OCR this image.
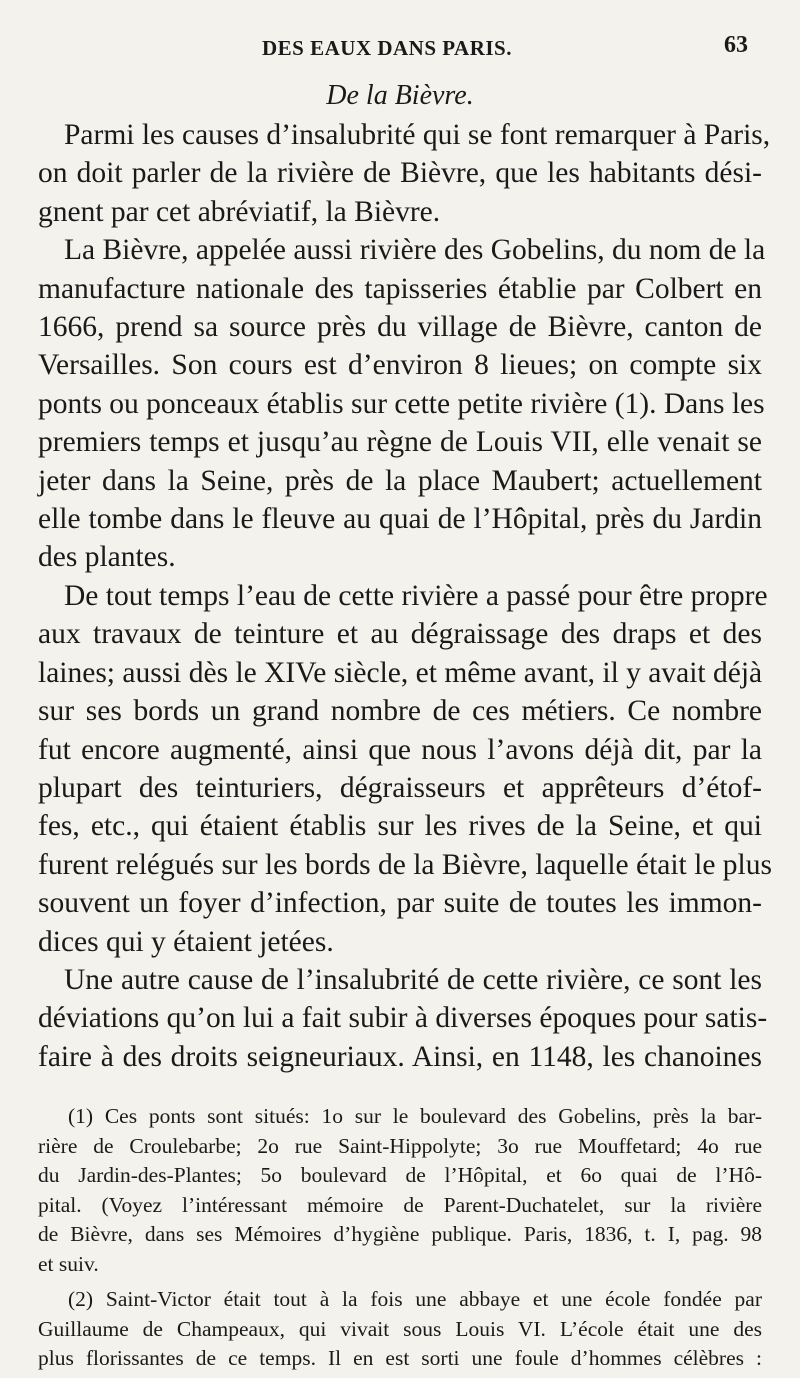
DES EAUX DANS PARIS.	63
De la Bièvre.

Parmi les causes d’insalubrité qui se font remarquer à Paris,
on doit parler de la rivière de Bièvre, que les habitants dési-
gnent par cet abréviatif, la Bièvre.

La Bièvre, appelée aussi rivière des Gobelins, du nom de la
manufacture nationale des tapisseries établie par Colbert en
1666, prend sa source près du village de Bièvre, canton de
Versailles. Son cours est d’environ 8 lieues; on compte six
ponts ou ponceaux établis sur cette petite rivière (1). Dans les
premiers temps et jusqu’au règne de Louis VII, elle venait se
jeter dans la Seine, près de la place Maubert; actuellement
elle tombe dans le fleuve au quai de l’Hôpital, près du Jardin
des plantes.

De tout temps l’eau de cette rivière a passé pour être propre
aux travaux de teinture et au dégraissage des draps et des
laines; aussi dès le XIVe siècle, et même avant, il y avait déjà
sur ses bords un grand nombre de ces métiers. Ce nombre
fut encore augmenté, ainsi que nous l’avons déjà dit, par la
plupart des teinturiers, dégraisseurs et apprêteurs d’étof-
fes, etc., qui étaient établis sur les rives de la Seine, et qui
furent relégués sur les bords de la Bièvre, laquelle était le plus
souvent un foyer d’infection, par suite de toutes les immon-
dices qui y étaient jetées.

Une autre cause de l’insalubrité de cette rivière, ce sont les
déviations qu’on lui a fait subir à diverses époques pour satis-
faire à des droits seigneuriaux. Ainsi, en 1148, les chanoines

(1) Ces ponts sont situés: 1o sur le boulevard des Gobelins, près la bar-
rière de Croulebarbe; 2o rue Saint-Hippolyte; 3o rue Mouffetard; 4o rue
du Jardin-des-Plantes; 5o boulevard de l’Hôpital, et 6o quai de l’Hô-
pital. (Voyez l’intéressant mémoire de Parent-Duchatelet, sur la rivière
de Bièvre, dans ses Mémoires d’hygiène publique. Paris, 1836, t. I, pag. 98
et suiv.
(2) Saint-Victor était tout à la fois une abbaye et une école fondée par
Guillaume de Champeaux, qui vivait sous Louis VI. L’école était une des
plus florissantes de ce temps. Il en est sorti une foule d’hommes célèbres :
